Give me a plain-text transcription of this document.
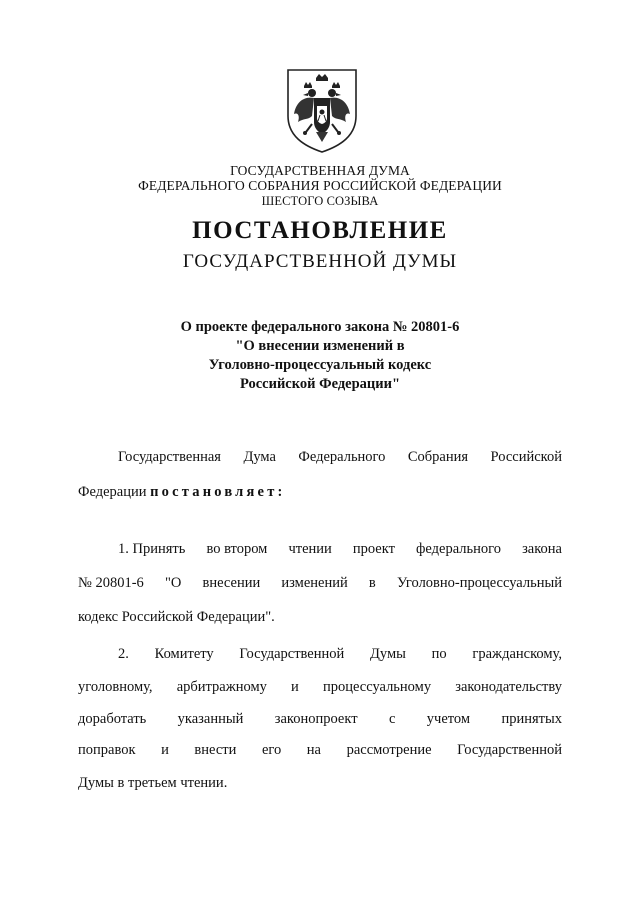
ГОСУДАРСТВЕННАЯ ДУМА
ФЕДЕРАЛЬНОГО СОБРАНИЯ РОССИЙСКОЙ ФЕДЕРАЦИИ
ШЕСТОГО СОЗЫВА
ПОСТАНОВЛЕНИЕ
ГОСУДАРСТВЕННОЙ ДУМЫ
О проекте федерального закона № 20801-6
"О внесении изменений в
Уголовно-процессуальный кодекс
Российской Федерации"
Государственная Дума Федерального Собрания Российской
Федерации постановляет:
1. Принять во втором чтении проект федерального закона
№ 20801-6 "О внесении изменений в Уголовно-процессуальный
кодекс Российской Федерации".
2. Комитету Государственной Думы по гражданскому,
уголовному, арбитражному и процессуальному законодательству
доработать указанный законопроект с учетом принятых
поправок и внести его на рассмотрение Государственной
Думы в третьем чтении.
